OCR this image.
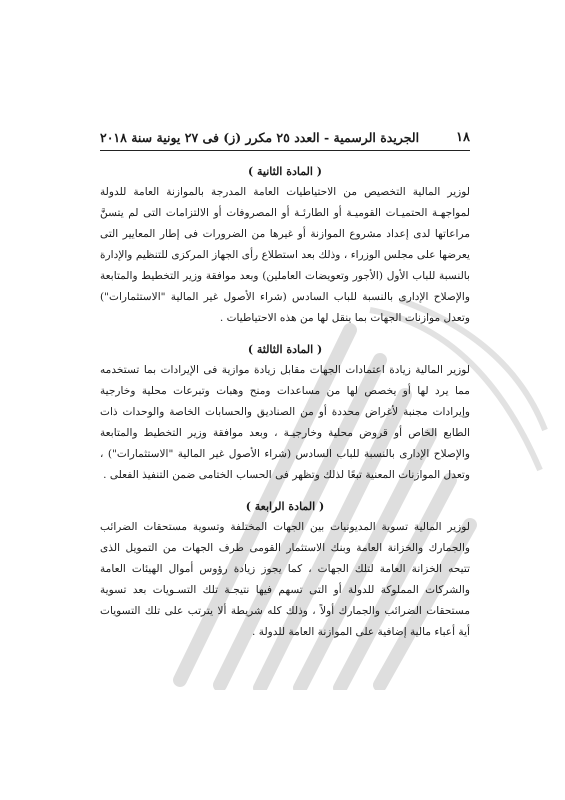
١٨
الجريدة الرسمية - العدد ٢٥ مكرر (ز) فى ٢٧ يونية سنة ٢٠١٨
( المادة الثانية )

لوزير المالية التخصيص من الاحتياطيات العامة المدرجة بالموازنة العامة للدولة لمواجهـة الحتميـات القوميـة أو الطارئـة أو المصروفات أو الالتزامات التى لم يتسنَّ مراعاتها لدى إعداد مشروع الموازنة أو غيرها من الضرورات فى إطار المعايير التى يعرضها على مجلس الوزراء ، وذلك بعد استطلاع رأى الجهاز المركزى للتنظيم والإدارة بالنسبة للباب الأول (الأجور وتعويضات العاملين) وبعد موافقة وزير التخطيط والمتابعة والإصلاح الإدارى بالنسبة للباب السادس (شراء الأصول غير المالية "الاستثمارات") وتعدل موازنات الجهات بما ينقل لها من هذه الاحتياطيات .

( المادة الثالثة )

لوزير المالية زيادة اعتمادات الجهات مقابل زيادة موازية فى الإيرادات بما تستخدمه مما يرد لها أو يخصص لها من مساعدات ومنح وهبات وتبرعات محلية وخارجية وإيرادات مجنبة لأغراض محددة أو من الصناديق والحسابات الخاصة والوحدات ذات الطابع الخاص أو قروض محلية وخارجيـة ، وبعد موافقة وزير التخطيط والمتابعة والإصلاح الإدارى بالنسبة للباب السادس (شراء الأصول غير المالية "الاستثمارات") ، وتعدل الموازنات المعنية تبعًا لذلك وتظهر فى الحساب الختامى ضمن التنفيذ الفعلى .

( المادة الرابعة )

لوزير المالية تسوية المديونيات بين الجهات المختلفة وتسوية مستحقات الضرائب والجمارك والخزانة العامة وبنك الاستثمار القومى طرف الجهات من التمويل الذى تتيحه الخزانة العامة لتلك الجهات ، كما يجوز زيادة رؤوس أموال الهيئات العامة والشركات المملوكة للدولة أو التى تسهم فيها نتيجـة تلك التسـويات بعد تسوية مستحقات الضرائب والجمارك أولاً ، وذلك كله شريطة ألا يترتب على تلك التسويات أية أعباء مالية إضافية على الموازنة العامة للدولة .
